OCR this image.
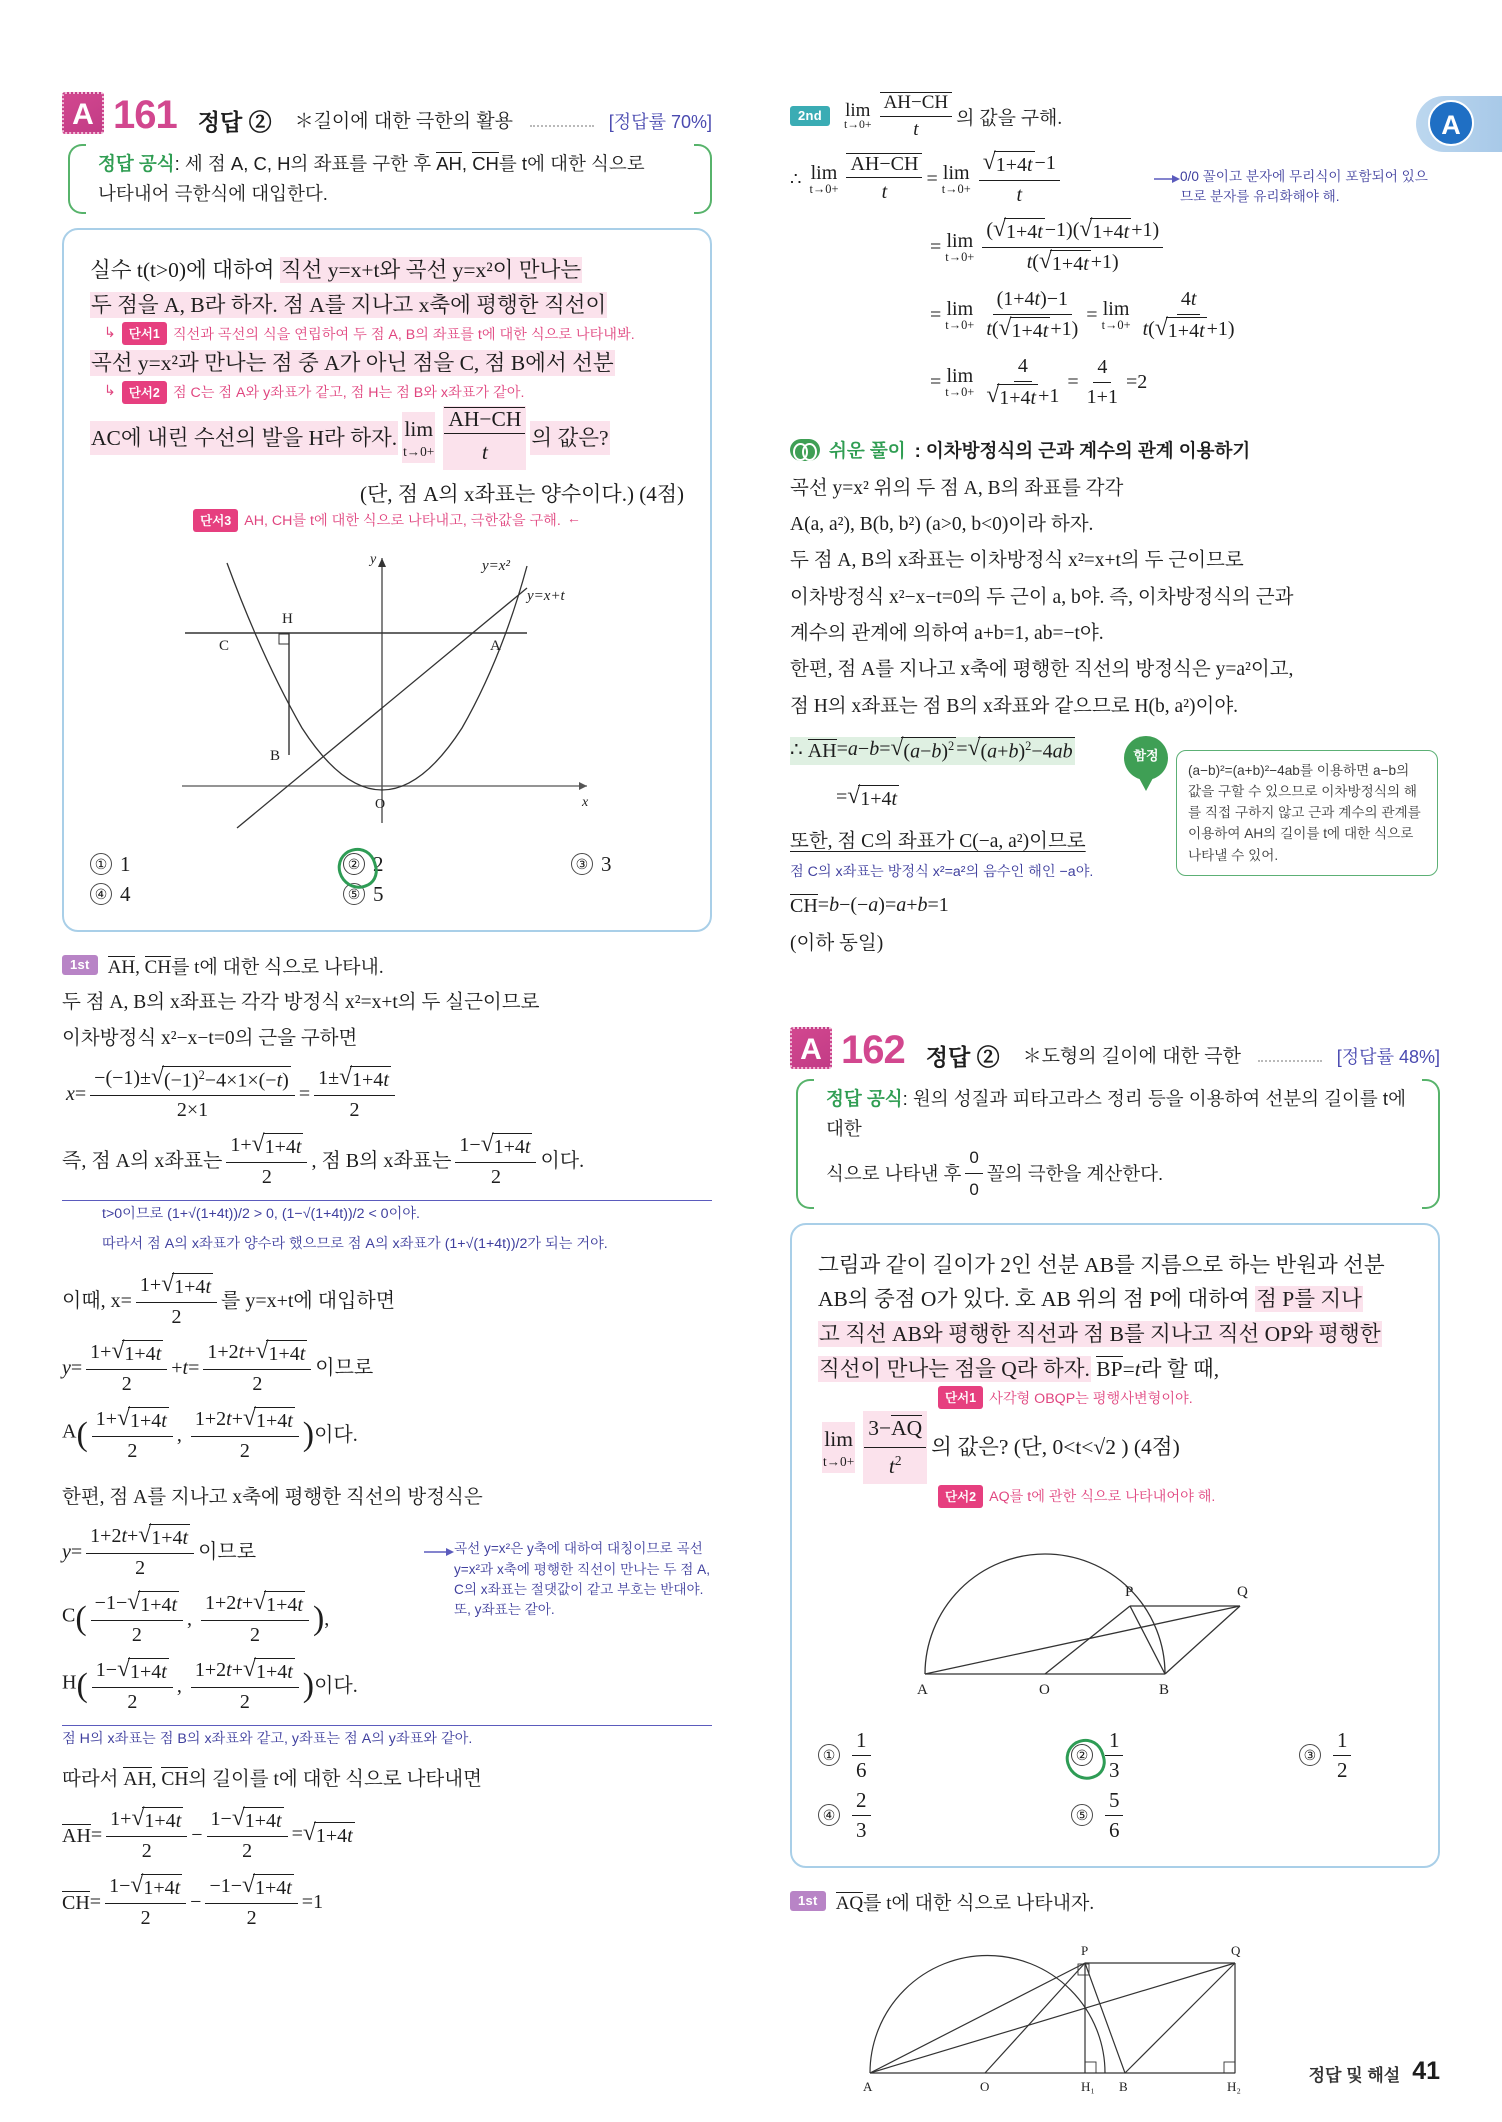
A
A 161 정답 ② ＊길이에 대한 극한의 활용	[정답률 70%]
정답 공식: 세 점 A, C, H의 좌표를 구한 후 AH, CH를 t에 대한 식으로
나타내어 극한식에 대입한다.
실수 t(t>0)에 대하여 직선 y=x+t와 곡선 y=x²이 만나는
두 점을 A, B라 하자. 점 A를 지나고 x축에 평행한 직선이
↳	단서1 직선과 곡선의 식을 연립하여 두 점 A, B의 좌표를 t에 대한 식으로 나타내봐.
곡선 y=x²과 만나는 점 중 A가 아닌 점을 C, 점 B에서 선분
↳	단서2 점 C는 점 A와 y좌표가 같고, 점 H는 점 B와 x좌표가 같아.
AC에 내린 수선의 발을 H라 하자. lim
$t\to 0+ \frac{AH-CH}{t}$ 의 값은?
(단, 점 A의 x좌표는 양수이다.) (4점)
단서3 AH, CH를 t에 대한 식으로 나타내고, 극한값을 구해. ←
y
x
O
y=x²
y=x+t
H
C	A
B
① 1	② 2	③ 3
④ 4	⑤ 5
1st AH, CH를 t에 대한 식으로 나타내.
두 점 A, B의 x좌표는 각각 방정식 x²=x+t의 두 실근이므로
이차방정식 x²−x−t=0의 근을 구하면
$x = \frac{-(-1)\pm √ (-1)^2-4\times 1\times(-t)}{2\times 1} = \frac{1\pm √ 1+4t}{2}$
즉, 점 A의 x좌표는 $\frac{1+ √ 1+4t}{2}$ , 점 B의 x좌표는 $\frac{1- √ 1+4t}{2}$ 이다.
t>0이므로 (1+√(1+4t))/2 > 0, (1−√(1+4t))/2 < 0이야.
따라서 점 A의 x좌표가 양수라 했으므로 점 A의 x좌표가 (1+√(1+4t))/2가 되는 거야.
이때, $x= \frac{1+ √ 1+4t}{2}$ 를 y=x+t에 대입하면
$y = \frac{1+ √ 1+4t}{2} +t= \frac{1+2t+ √ 1+4t}{2}$ 이므로
$A( \frac{1+ √ 1+4t}{2}$ , $\frac{1+2t+ √ 1+4t}{2}$ ) 이다.
한편, 점 A를 지나고 x축에 평행한 직선의 방정식은
$y = \frac{1+2t+ √ 1+4t}{2}$ 이므로
$C( \frac{-1- √ 1+4t}{2}$ , $\frac{1+2t+ √ 1+4t}{2}$ ) ,
$H( \frac{1- √ 1+4t}{2}$ , $\frac{1+2t+ √ 1+4t}{2}$ ) 이다.
곡선 y=x²은 y축에 대하여 대칭이므로 곡선 y=x²과 x축에 평행한 직선이 만나는 두 점 A, C의 x좌표는 절댓값이 같고 부호는 반대야. 또, y좌표는 같아.
점 H의 x좌표는 점 B의 x좌표와 같고, y좌표는 점 A의 y좌표와 같아.
따라서 AH, CH의 길이를 t에 대한 식으로 나타내면
AH = $\frac{1+ √ 1+4t}{2} - \frac{1- √ 1+4t}{2}$ = √ 1+4t
CH = $\frac{1- √ 1+4t}{2} - \frac{-1- √ 1+4t}{2} = 1$
2nd	lim
$t\to 0+ \frac{AH-CH}{t}$ 의 값을 구해.
∴ lim
$t\to 0+ \frac{AH-CH}{t} = \lim$
$t\to 0+ \frac{√ 1+4t -1}{t}$	0/0 꼴이고 분자에 무리식이 포함되어 있으므로 분자를 유리화해야 해.
= lim
$t\to 0+ \frac{( √ 1+4t -1)( √ 1+4t +1)}{t( √ 1+4t +1)}$
= lim
$t\to 0+ \frac{(1+4t)-1}{t( √ 1+4t +1)} = \lim$
$t\to 0+ \frac{4t}{t( √ 1+4t +1)}$
= lim
$t\to 0+ \frac{4}{√ 1+4t +1} = \frac{4}{1+1} = 2$
쉬운 풀이 : 이차방정식의 근과 계수의 관계 이용하기
곡선 y=x² 위의 두 점 A, B의 좌표를 각각
A(a, a²), B(b, b²) (a>0, b<0)이라 하자.
두 점 A, B의 x좌표는 이차방정식 x²=x+t의 두 근이므로
이차방정식 x²−x−t=0의 두 근이 a, b야. 즉, 이차방정식의 근과
계수의 관계에 의하여 a+b=1, ab=−t야.
한편, 점 A를 지나고 x축에 평행한 직선의 방정식은 y=a²이고,
점 H의 x좌표는 점 B의 x좌표와 같으므로 H(b, a²)이야.
∴ AH =a−b= √ $(a-b)^2$ = √ $(a+b)^2-4ab$
= √ 1+4t
또한, 점 C의 좌표가 C(−a, a²)이므로
점 C의 x좌표는 방정식 x²=a²의 음수인 해인 −a야.
CH =b−(−a)=a+b=1
(이하 동일)
함정
(a−b)²=(a+b)²−4ab를 이용하면 a−b의 값을 구할 수 있으므로 이차방정식의 해를 직접 구하지 않고 근과 계수의 관계를 이용하여 AH의 길이를 t에 대한 식으로 나타낼 수 있어.
A 162 정답 ② ＊도형의 길이에 대한 극한	[정답률 48%]
정답 공식: 원의 성질과 피타고라스 정리 등을 이용하여 선분의 길이를 t에 대한
식으로 나타낸 후 $\frac{0}{0}$ 꼴의 극한을 계산한다.
그림과 같이 길이가 2인 선분 AB를 지름으로 하는 반원과 선분
AB의 중점 O가 있다. 호 AB 위의 점 P에 대하여 점 P를 지나
고 직선 AB와 평행한 직선과 점 B를 지나고 직선 OP와 평행한
직선이 만나는 점을 Q라 하자. BP=t라 할 때,
단서1 사각형 OBQP는 평행사변형이야.
lim
$t\to 0+ \frac{3-AQ}{t^2}$ 의 값은? (단, 0<t<√2 ) (4점)
단서2 AQ를 t에 관한 식으로 나타내어야 해.
A	O	B
P	Q
① $\frac{1}{6}$	② $\frac{1}{3}$	③ $\frac{1}{2}$
④ $\frac{2}{3}$	⑤ $\frac{5}{6}$
1st AQ를 t에 대한 식으로 나타내자.
A	O	H₁ B	H₂
P	Q
정답 및 해설 41
